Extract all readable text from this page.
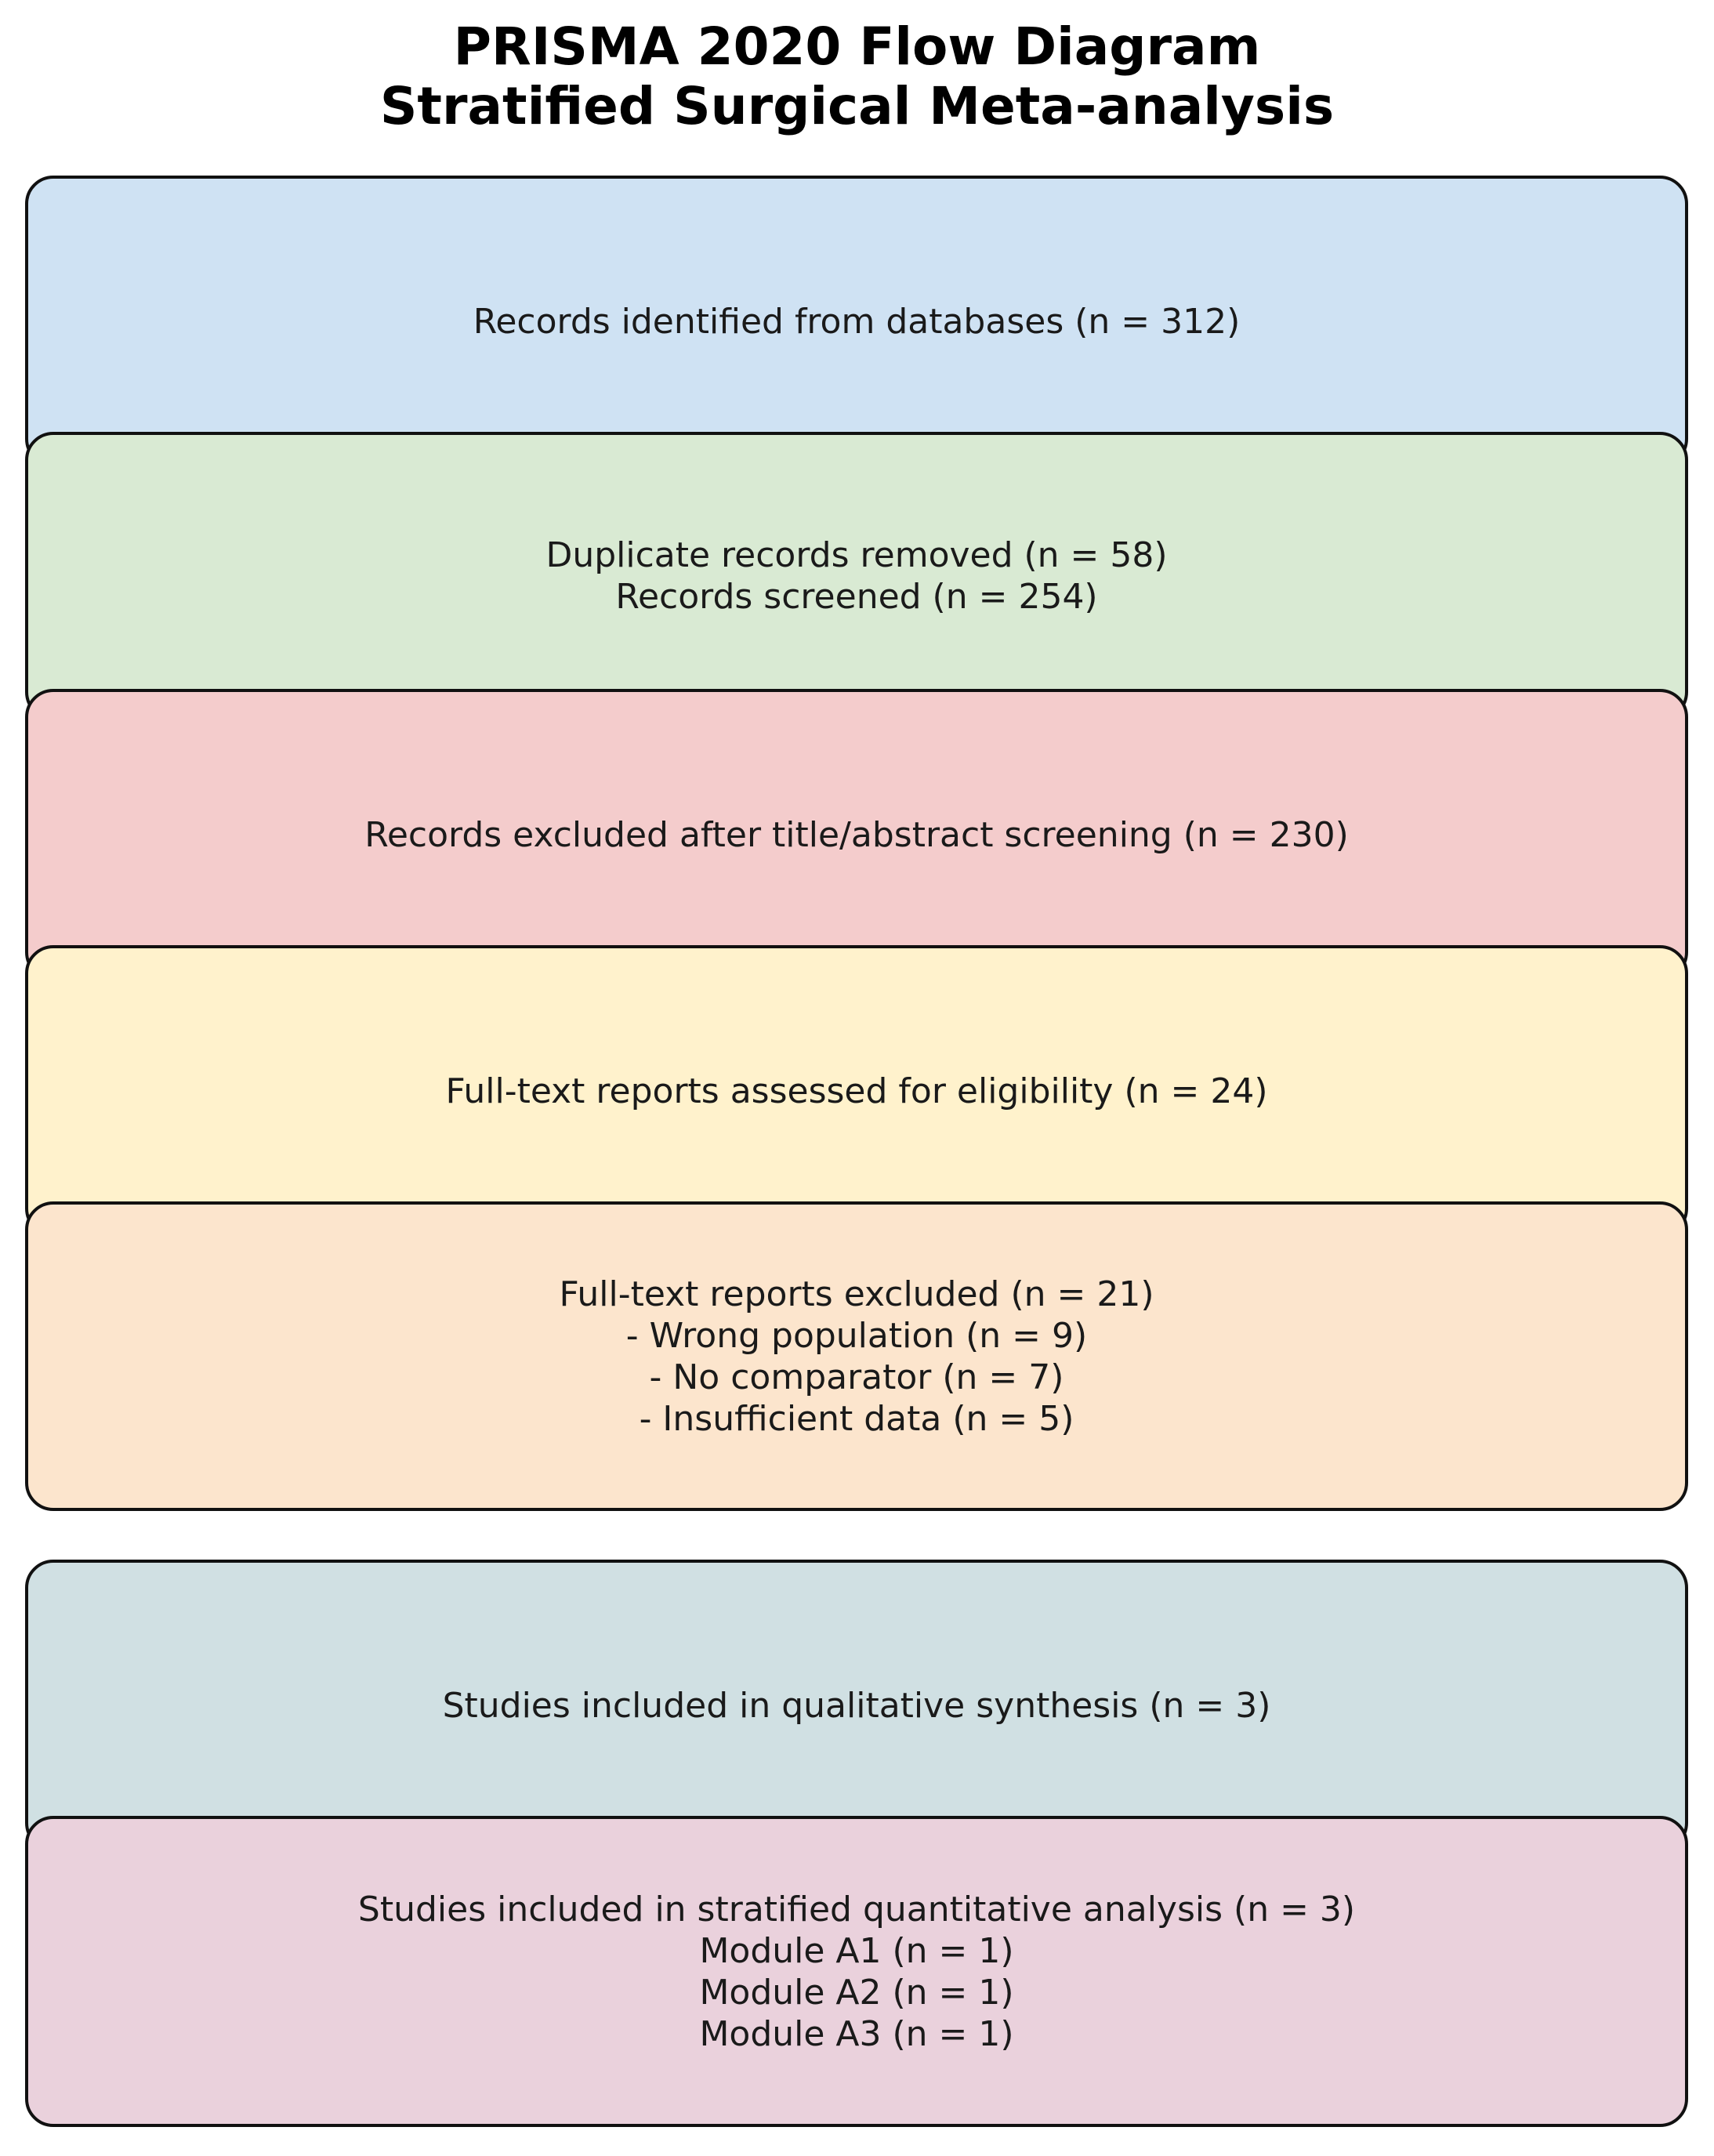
PRISMA 2020 Flow Diagram
Stratified Surgical Meta-analysis
Records identified from databases (n = 312)
Duplicate records removed (n = 58)
Records screened (n = 254)
Records excluded after title/abstract screening (n = 230)
Full-text reports assessed for eligibility (n = 24)
Full-text reports excluded (n = 21)
- Wrong population (n = 9)
- No comparator (n = 7)
- Insufficient data (n = 5)
Studies included in qualitative synthesis (n = 3)
Studies included in stratified quantitative analysis (n = 3)
Module A1 (n = 1)
Module A2 (n = 1)
Module A3 (n = 1)
